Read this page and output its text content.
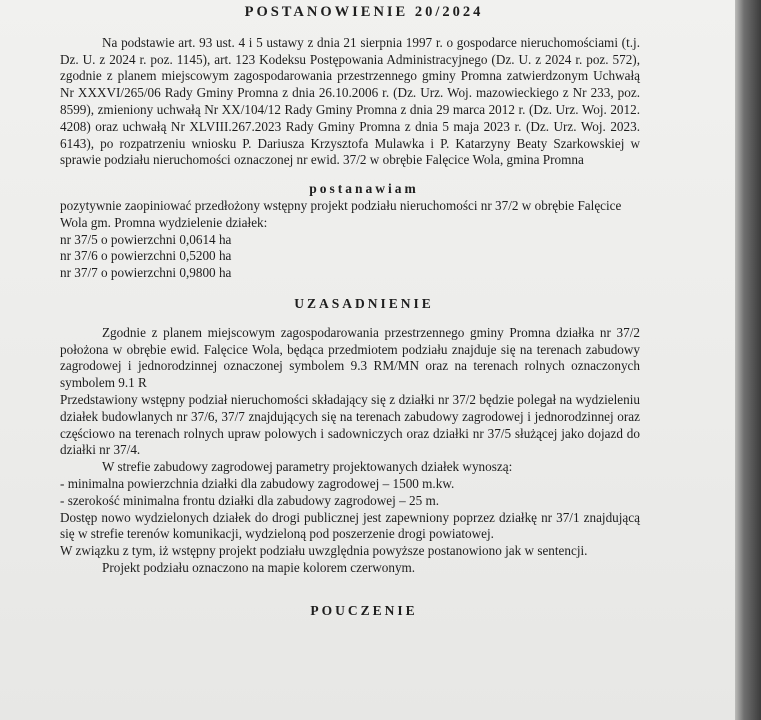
POSTANOWIENIE 20/2024

Na podstawie art. 93 ust. 4 i 5 ustawy z dnia 21 sierpnia 1997 r. o gospodarce nieruchomościami (t.j. Dz. U. z 2024 r. poz. 1145), art. 123 Kodeksu Postępowania Administracyjnego (Dz. U. z 2024 r. poz. 572), zgodnie z planem miejscowym zagospodarowania przestrzennego gminy Promna zatwierdzonym Uchwałą Nr XXXVI/265/06 Rady Gminy Promna z dnia 26.10.2006 r. (Dz. Urz. Woj. mazowieckiego z Nr 233, poz. 8599), zmieniony uchwałą Nr XX/104/12 Rady Gminy Promna z dnia 29 marca 2012 r. (Dz. Urz. Woj. 2012. 4208) oraz uchwałą Nr XLVIII.267.2023 Rady Gminy Promna z dnia 5 maja 2023 r. (Dz. Urz. Woj. 2023. 6143), po rozpatrzeniu wniosku P. Dariusza Krzysztofa Mulawka i P. Katarzyny Beaty Szarkowskiej w sprawie podziału nieruchomości oznaczonej nr ewid. 37/2 w obrębie Falęcice Wola, gmina Promna

postanawiam

pozytywnie zaopiniować przedłożony wstępny projekt podziału nieruchomości nr 37/2 w obrębie Falęcice Wola gm. Promna wydzielenie działek:

nr 37/5 o powierzchni 0,0614 ha

nr 37/6 o powierzchni 0,5200 ha

nr 37/7 o powierzchni 0,9800 ha

UZASADNIENIE

Zgodnie z planem miejscowym zagospodarowania przestrzennego gminy Promna działka nr 37/2 położona w obrębie ewid. Falęcice Wola, będąca przedmiotem podziału znajduje się na terenach zabudowy zagrodowej i jednorodzinnej oznaczonej symbolem 9.3 RM/MN oraz na terenach rolnych oznaczonych symbolem 9.1 R

Przedstawiony wstępny podział nieruchomości składający się z działki nr 37/2 będzie polegał na wydzieleniu działek budowlanych nr 37/6, 37/7 znajdujących się na terenach zabudowy zagrodowej i jednorodzinnej oraz częściowo na terenach rolnych upraw polowych i sadowniczych oraz działki nr 37/5 służącej jako dojazd do działki nr 37/4.

W strefie zabudowy zagrodowej parametry projektowanych działek wynoszą:

- minimalna powierzchnia działki dla zabudowy zagrodowej – 1500 m.kw.

- szerokość minimalna frontu działki dla zabudowy zagrodowej – 25 m.

Dostęp nowo wydzielonych działek do drogi publicznej jest zapewniony poprzez działkę nr 37/1 znajdującą się w strefie terenów komunikacji, wydzieloną pod poszerzenie drogi powiatowej.

W związku z tym, iż wstępny projekt podziału uwzględnia powyższe postanowiono jak w sentencji.

Projekt podziału oznaczono na mapie kolorem czerwonym.

POUCZENIE
